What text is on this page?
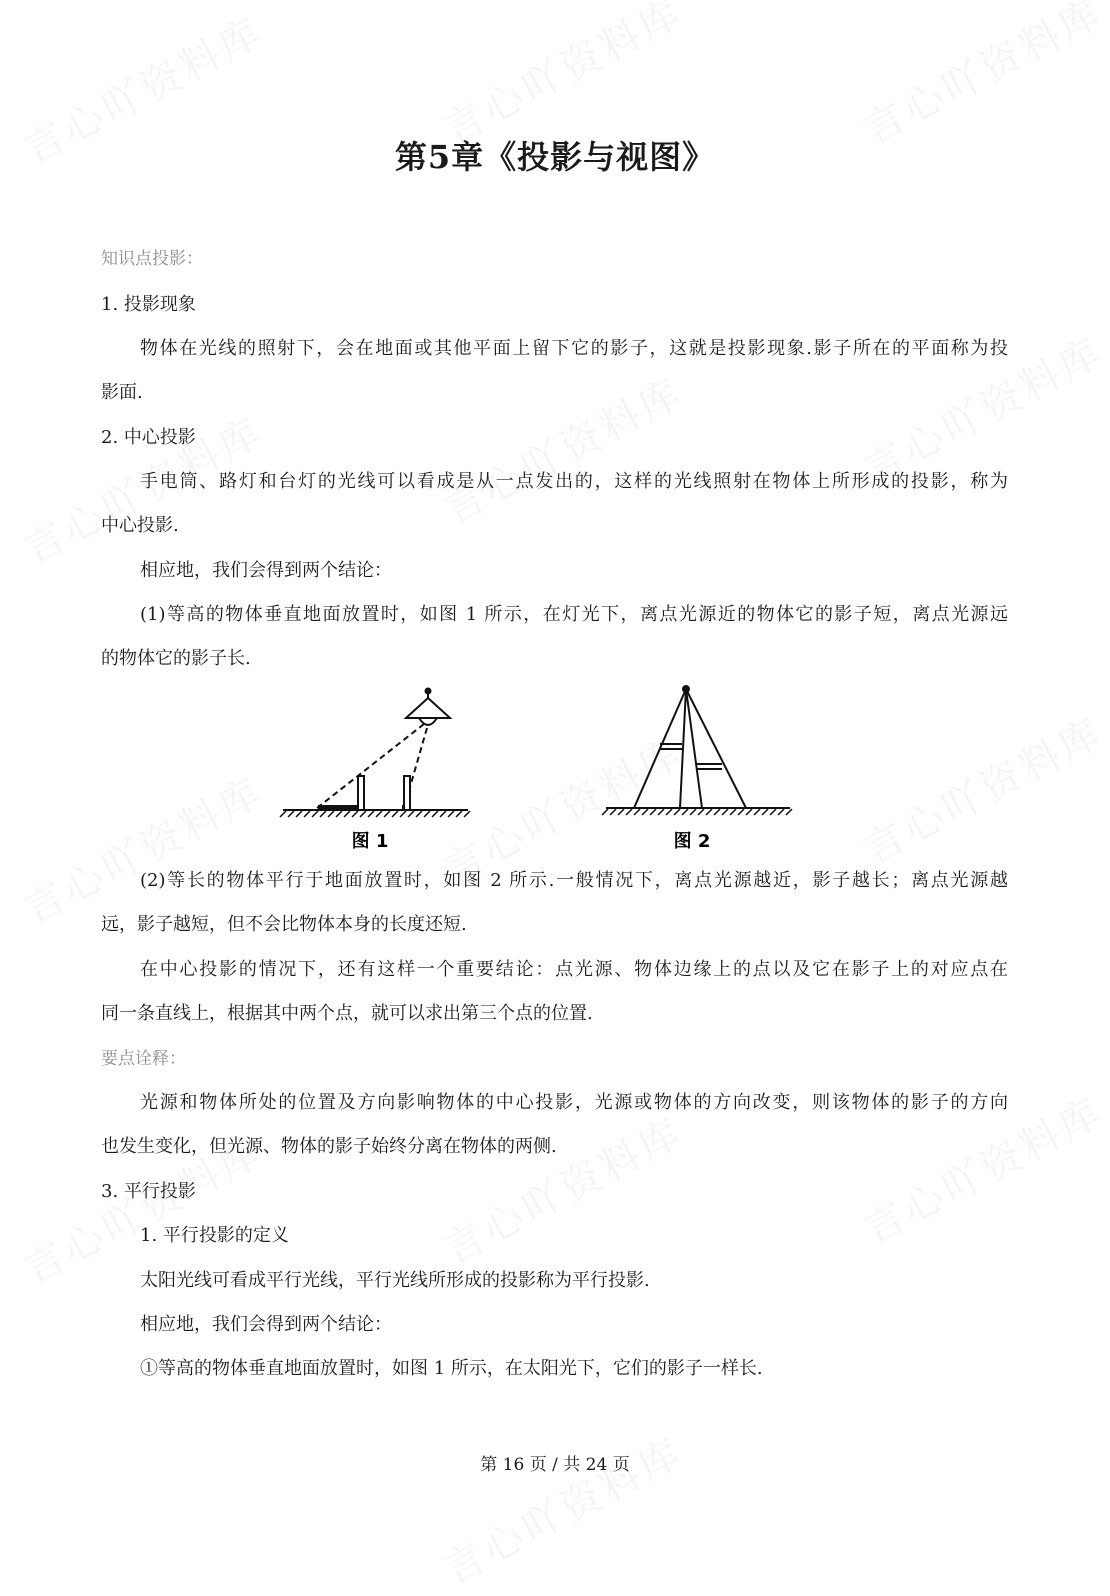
第5章《投影与视图》
知识点投影：
1. 投影现象
物体在光线的照射下，会在地面或其他平面上留下它的影子，这就是投影现象.影子所在的平面称为投
影面.
2. 中心投影
手电筒、路灯和台灯的光线可以看成是从一点发出的，这样的光线照射在物体上所形成的投影，称为
中心投影.
相应地，我们会得到两个结论：
(1)等高的物体垂直地面放置时，如图 1 所示，在灯光下，离点光源近的物体它的影子短，离点光源远
的物体它的影子长.
图 1	图 2
(2)等长的物体平行于地面放置时，如图 2 所示.一般情况下，离点光源越近，影子越长；离点光源越
远，影子越短，但不会比物体本身的长度还短.
在中心投影的情况下，还有这样一个重要结论：点光源、物体边缘上的点以及它在影子上的对应点在
同一条直线上，根据其中两个点，就可以求出第三个点的位置.
要点诠释：
光源和物体所处的位置及方向影响物体的中心投影，光源或物体的方向改变，则该物体的影子的方向
也发生变化，但光源、物体的影子始终分离在物体的两侧.
3. 平行投影
1. 平行投影的定义
太阳光线可看成平行光线，平行光线所形成的投影称为平行投影.
相应地，我们会得到两个结论：
①等高的物体垂直地面放置时，如图 1 所示，在太阳光下，它们的影子一样长.
第 16 页 / 共 24 页
